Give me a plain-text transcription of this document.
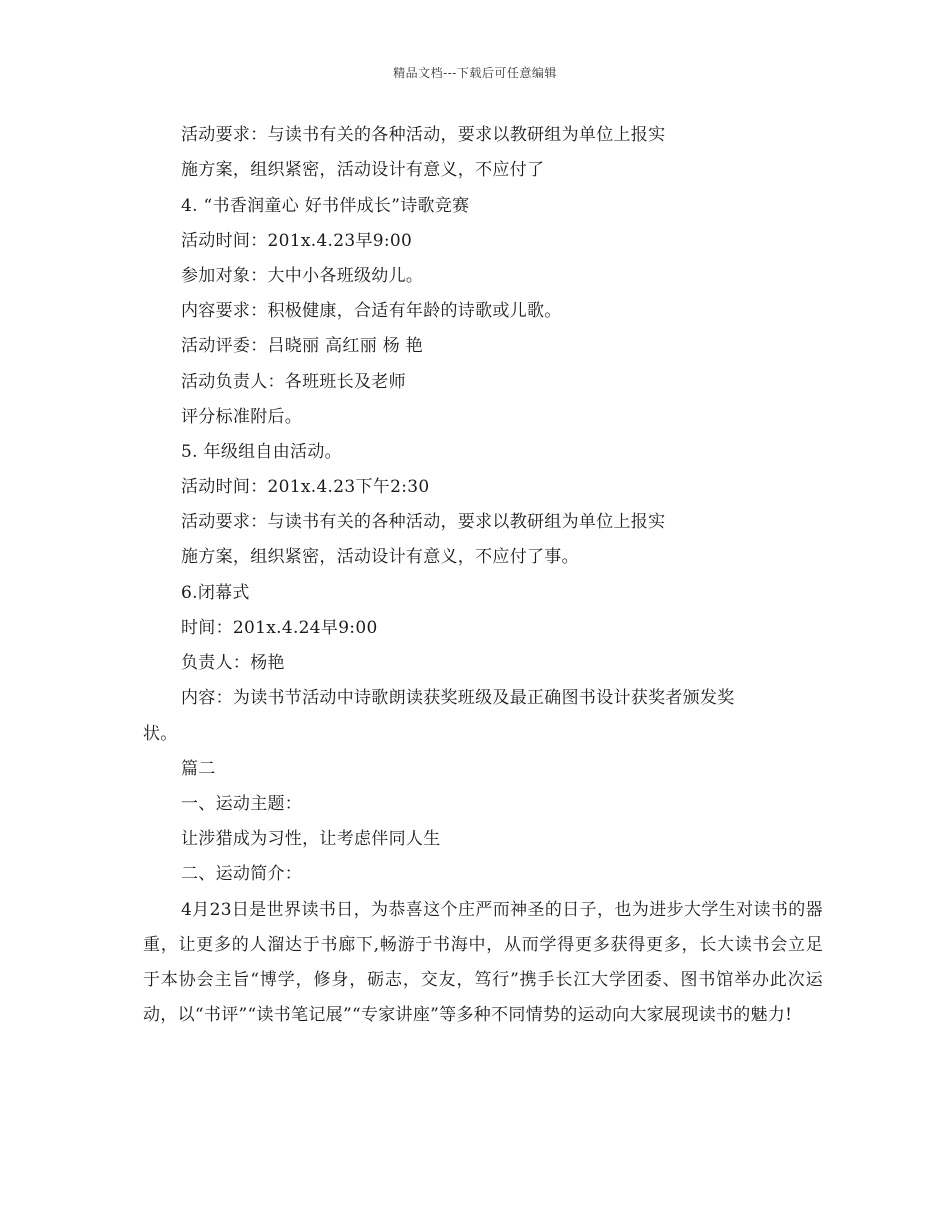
精品文档---下载后可任意编辑
活动要求：与读书有关的各种活动，要求以教研组为单位上报实
施方案，组织紧密，活动设计有意义，不应付了
4. “书香润童心 好书伴成长”诗歌竞赛
活动时间：201x.4.23早9:00
参加对象：大中小各班级幼儿。
内容要求：积极健康，合适有年龄的诗歌或儿歌。
活动评委：吕晓丽 高红丽 杨 艳
活动负责人：各班班长及老师
评分标准附后。
5. 年级组自由活动。
活动时间：201x.4.23下午2:30
活动要求：与读书有关的各种活动，要求以教研组为单位上报实
施方案，组织紧密，活动设计有意义，不应付了事。
6.闭幕式
时间：201x.4.24早9:00
负责人：杨艳
内容：为读书节活动中诗歌朗读获奖班级及最正确图书设计获奖者颁发奖
状。
篇二
一、运动主题：
让涉猎成为习性，让考虑伴同人生
二、运动简介：
4月23日是世界读书日，为恭喜这个庄严而神圣的日子，也为进步大学生对读书的器重，让更多的人溜达于书廊下,畅游于书海中，从而学得更多获得更多，长大读书会立足于本协会主旨“博学，修身，砺志，交友，笃行”携手长江大学团委、图书馆举办此次运动，以“书评”“读书笔记展”“专家讲座”等多种不同情势的运动向大家展现读书的魅力!
